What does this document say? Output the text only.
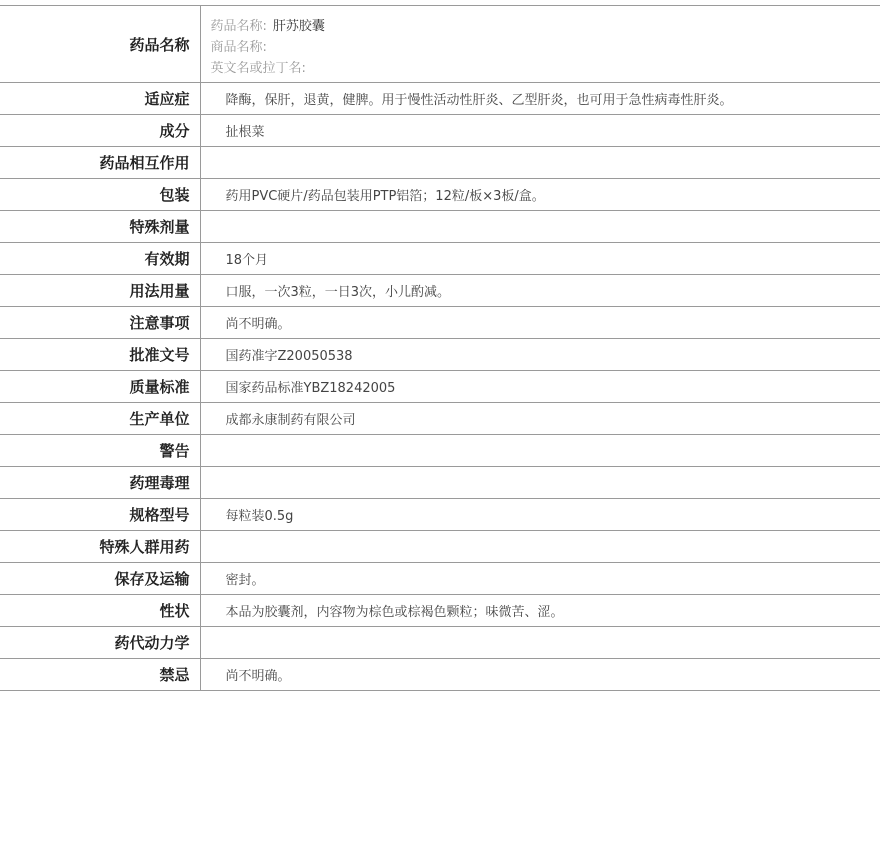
药品名称	药品名称: 肝苏胶囊
商品名称:
英文名或拉丁名:

适应症	降酶，保肝，退黄，健脾。用于慢性活动性肝炎、乙型肝炎，也可用于急性病毒性肝炎。
成分	扯根菜
药品相互作用	
包装	药用PVC硬片/药品包装用PTP铝箔；12粒/板×3板/盒。
特殊剂量	
有效期	18个月
用法用量	口服，一次3粒，一日3次，小儿酌减。
注意事项	尚不明确。
批准文号	国药准字Z20050538
质量标准	国家药品标准YBZ18242005
生产单位	成都永康制药有限公司
警告	
药理毒理	
规格型号	每粒装0.5g
特殊人群用药	
保存及运输	密封。
性状	本品为胶囊剂，内容物为棕色或棕褐色颗粒；味微苦、涩。
药代动力学	
禁忌	尚不明确。
